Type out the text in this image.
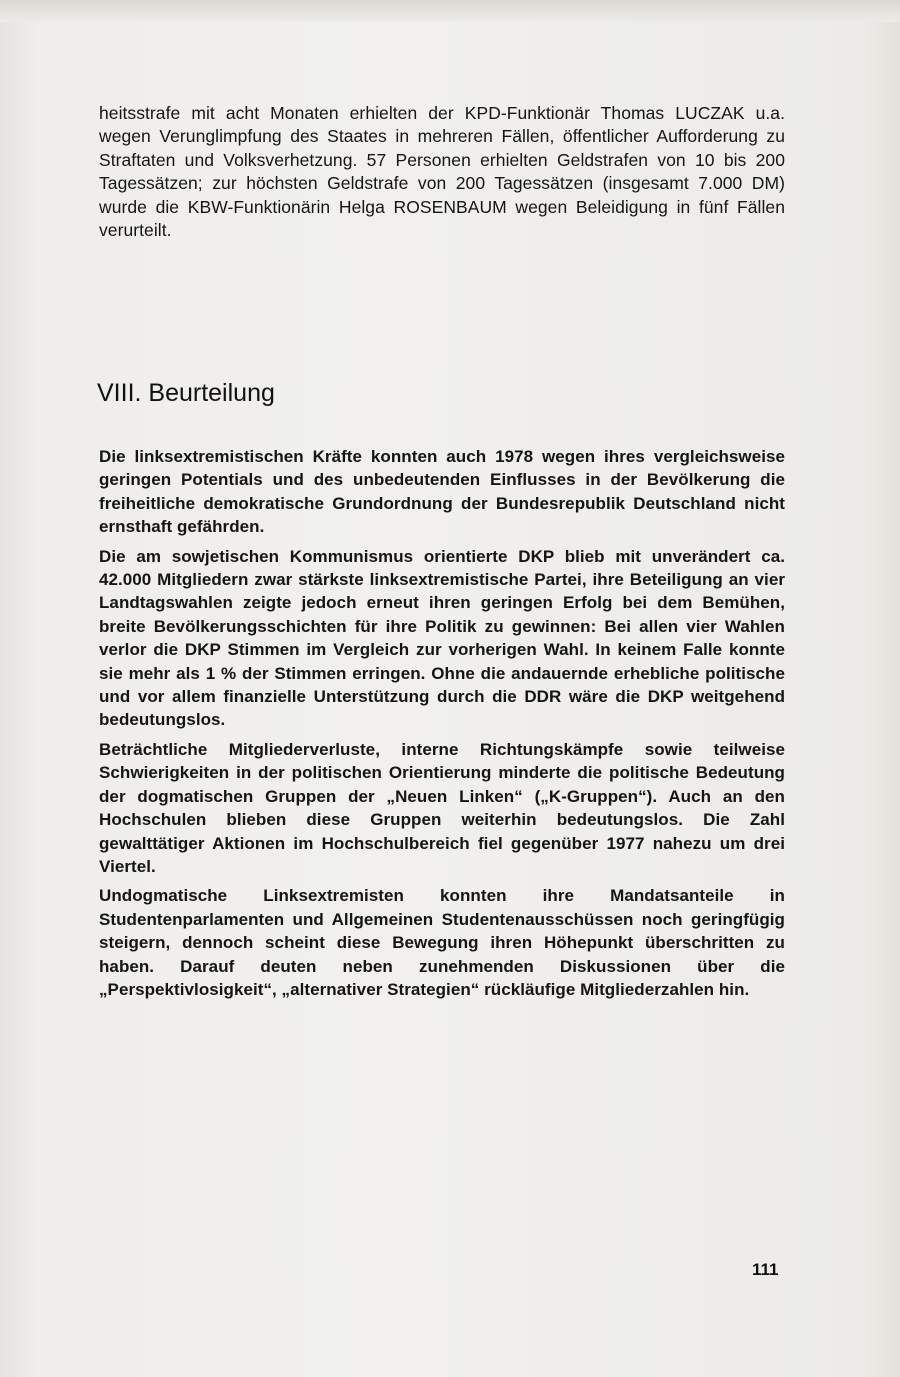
heitsstrafe mit acht Monaten erhielten der KPD-Funktionär Thomas LUCZAK u.a. wegen Verunglimpfung des Staates in mehreren Fällen, öffentlicher Aufforderung zu Straftaten und Volksverhetzung. 57 Personen erhielten Geldstrafen von 10 bis 200 Tagessätzen; zur höchsten Geldstrafe von 200 Tagessätzen (insgesamt 7.000 DM) wurde die KBW-Funktionärin Helga ROSENBAUM wegen Beleidigung in fünf Fällen verurteilt.

VIII. Beurteilung

Die linksextremistischen Kräfte konnten auch 1978 wegen ihres vergleichsweise geringen Potentials und des unbedeutenden Einflusses in der Bevölkerung die freiheitliche demokratische Grundordnung der Bundesrepublik Deutschland nicht ernsthaft gefährden.

Die am sowjetischen Kommunismus orientierte DKP blieb mit unverändert ca. 42.000 Mitgliedern zwar stärkste linksextremistische Partei, ihre Beteiligung an vier Landtagswahlen zeigte jedoch erneut ihren geringen Erfolg bei dem Bemühen, breite Bevölkerungsschichten für ihre Politik zu gewinnen: Bei allen vier Wahlen verlor die DKP Stimmen im Vergleich zur vorherigen Wahl. In keinem Falle konnte sie mehr als 1 % der Stimmen erringen. Ohne die andauernde erhebliche politische und vor allem finanzielle Unterstützung durch die DDR wäre die DKP weitgehend bedeutungslos.

Beträchtliche Mitgliederverluste, interne Richtungskämpfe sowie teilweise Schwierigkeiten in der politischen Orientierung minderte die politische Bedeutung der dogmatischen Gruppen der „Neuen Linken“ („K-Gruppen“). Auch an den Hochschulen blieben diese Gruppen weiterhin bedeutungslos. Die Zahl gewalttätiger Aktionen im Hochschulbereich fiel gegenüber 1977 nahezu um drei Viertel.

Undogmatische Linksextremisten konnten ihre Mandatsanteile in Studentenparlamenten und Allgemeinen Studentenausschüssen noch geringfügig steigern, dennoch scheint diese Bewegung ihren Höhepunkt überschritten zu haben. Darauf deuten neben zunehmenden Diskussionen über die „Perspektivlosigkeit“, „alternativer Strategien“ rückläufige Mitgliederzahlen hin.

111
